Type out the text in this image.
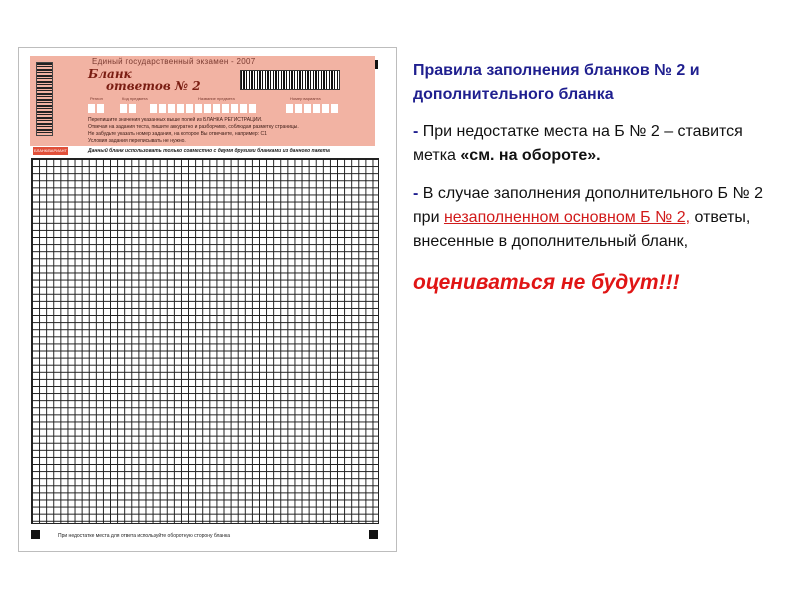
Единый государственный экзамен - 2007
Бланк
ответов № 2
Регион	Код предмета	Название предмета	Номер варианта
Перепишите значения указанных выше полей из БЛАНКА РЕГИСТРАЦИИ.
Отвечая на задания теста, пишите аккуратно и разборчиво, соблюдая разметку страницы.
Не забудьте указать номер задания, на которое Вы отвечаете, например: С1
Условия задания переписывать не нужно.
БЛАНК/ВАРИАНТ	Данный бланк использовать только совместно с двумя другими бланками из данного пакета
При недостатке места для ответа используйте оборотную сторону бланка

Правила заполнения бланков № 2 и дополнительного бланка

- При недостатке места на Б № 2 – ставится метка «см. на обороте».

- В случае заполнения дополнительного Б № 2 при незаполненном основном Б № 2, ответы, внесенные в дополнительный бланк,

оцениваться не будут!!!
